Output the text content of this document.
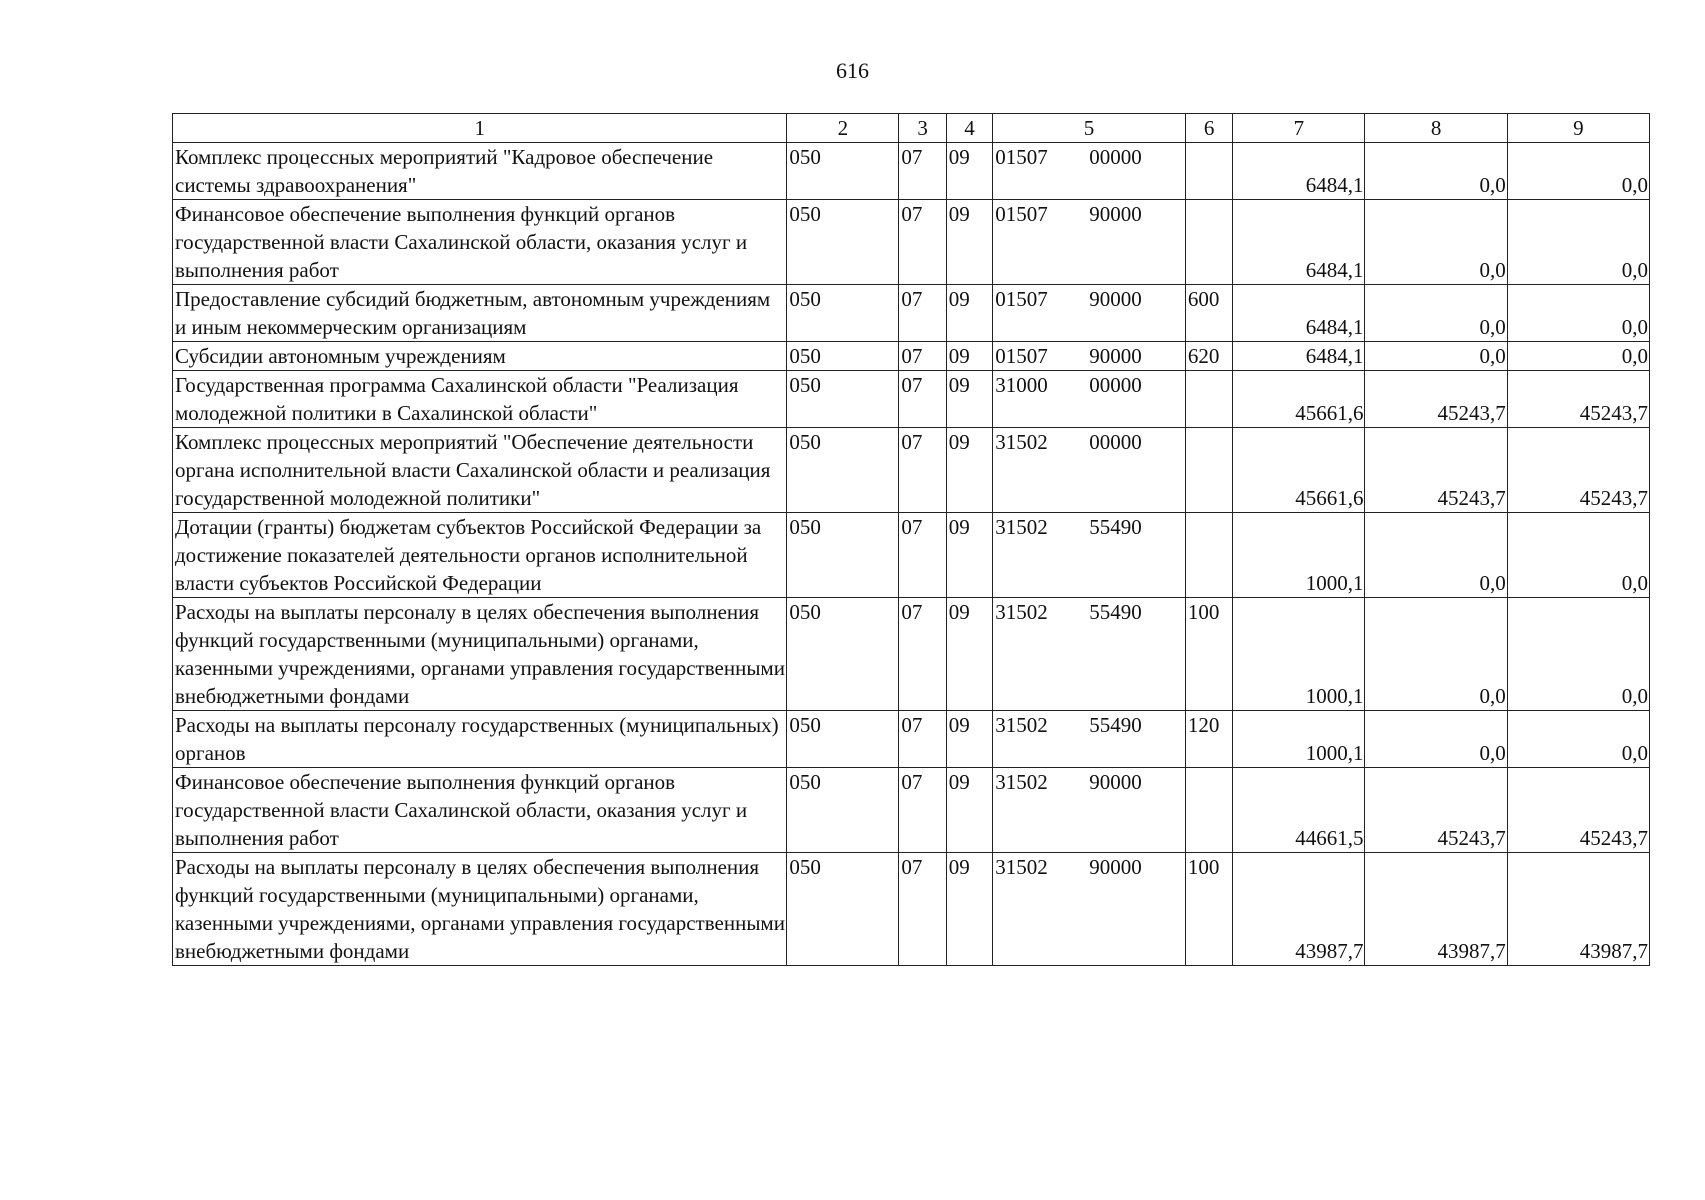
616
1	2	3	4	5	6	7	8	9
Комплекс процессных мероприятий "Кадровое обеспечение системы здравоохранения"	050	07	09	01507 00000		6484,1	0,0	0,0
Финансовое обеспечение выполнения функций органов государственной власти Сахалинской области, оказания услуг и выполнения работ	050	07	09	01507 90000		6484,1	0,0	0,0
Предоставление субсидий бюджетным, автономным учреждениям и иным некоммерческим организациям	050	07	09	01507 90000	600	6484,1	0,0	0,0
Субсидии автономным учреждениям	050	07	09	01507 90000	620	6484,1	0,0	0,0
Государственная программа Сахалинской области "Реализация молодежной политики в Сахалинской области"	050	07	09	31000 00000		45661,6	45243,7	45243,7
Комплекс процессных мероприятий "Обеспечение деятельности органа исполнительной власти Сахалинской области и реализация государственной молодежной политики"	050	07	09	31502 00000		45661,6	45243,7	45243,7
Дотации (гранты) бюджетам субъектов Российской Федерации за достижение показателей деятельности органов исполнительной власти субъектов Российской Федерации	050	07	09	31502 55490		1000,1	0,0	0,0
Расходы на выплаты персоналу в целях обеспечения выполнения функций государственными (муниципальными) органами, казенными учреждениями, органами управления государственными внебюджетными фондами	050	07	09	31502 55490	100	1000,1	0,0	0,0
Расходы на выплаты персоналу государственных (муниципальных) органов	050	07	09	31502 55490	120	1000,1	0,0	0,0
Финансовое обеспечение выполнения функций органов государственной власти Сахалинской области, оказания услуг и выполнения работ	050	07	09	31502 90000		44661,5	45243,7	45243,7
Расходы на выплаты персоналу в целях обеспечения выполнения функций государственными (муниципальными) органами, казенными учреждениями, органами управления государственными внебюджетными фондами	050	07	09	31502 90000	100	43987,7	43987,7	43987,7
